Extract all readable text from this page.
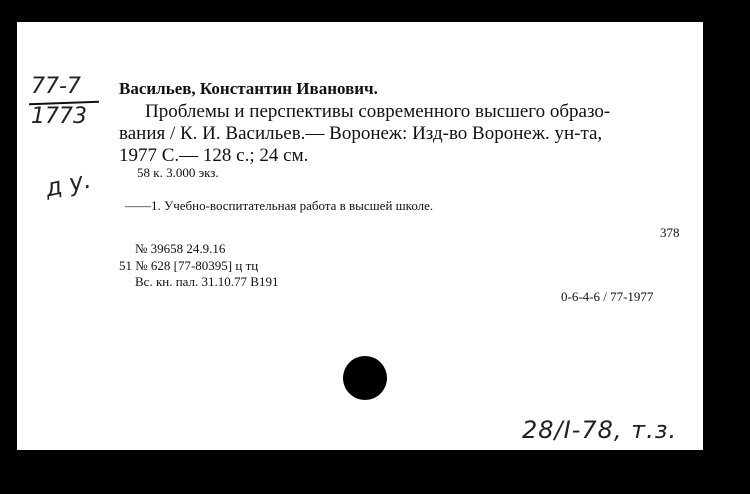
77-7
1773
д у.
Васильев, Константин Иванович.
Проблемы и перспективы современного высшего образо-
вания / К. И. Васильев.— Воронеж: Изд-во Воронеж. ун-та,
1977 С.— 128 с.; 24 см.
58 к. 3.000 экз.
——1. Учебно-воспитательная работа в высшей школе.
378
№ 39658 24.9.16
51 № 628 [77-80395] ц тц
Вс. кн. пал. 31.10.77 В191
0-6-4-6 / 77-1977
28/I-78, т.з.
